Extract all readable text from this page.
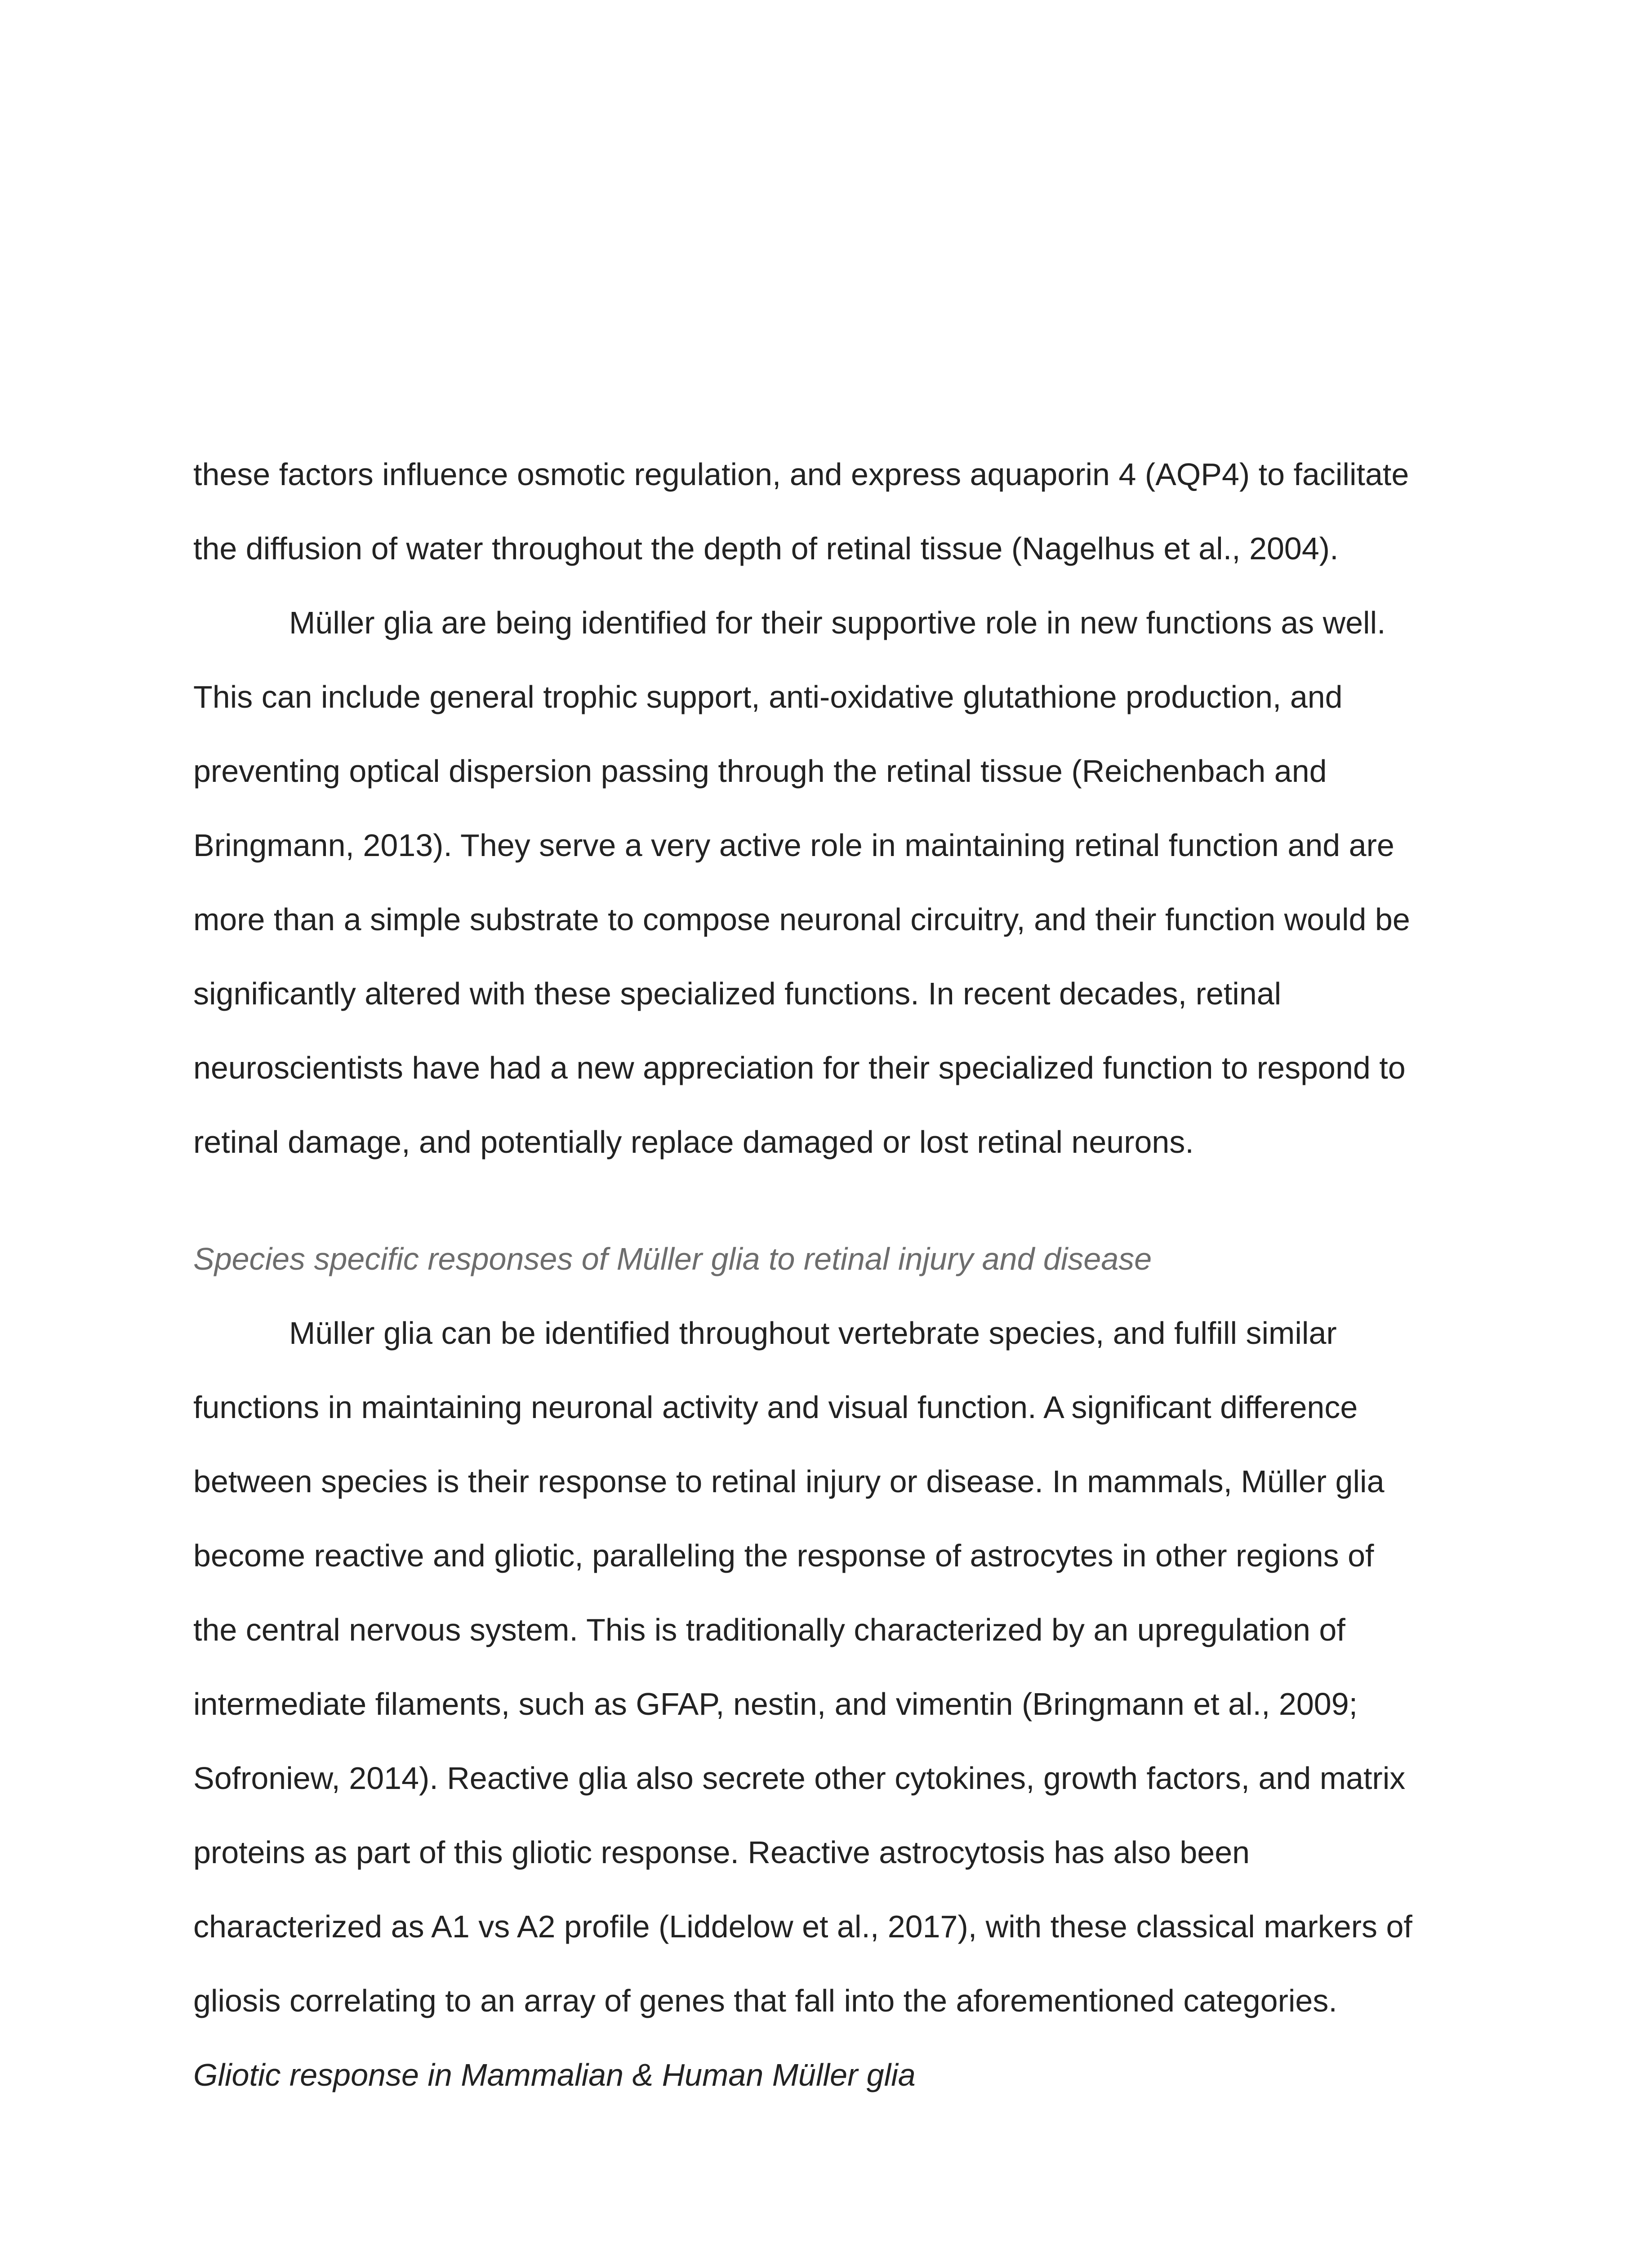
these factors influence osmotic regulation, and express aquaporin 4 (AQP4) to facilitate
the diffusion of water throughout the depth of retinal tissue (Nagelhus et al., 2004).
Müller glia are being identified for their supportive role in new functions as well.
This can include general trophic support, anti-oxidative glutathione production, and
preventing optical dispersion passing through the retinal tissue (Reichenbach and
Bringmann, 2013). They serve a very active role in maintaining retinal function and are
more than a simple substrate to compose neuronal circuitry, and their function would be
significantly altered with these specialized functions. In recent decades, retinal
neuroscientists have had a new appreciation for their specialized function to respond to
retinal damage, and potentially replace damaged or lost retinal neurons.
Species specific responses of Müller glia to retinal injury and disease
Müller glia can be identified throughout vertebrate species, and fulfill similar
functions in maintaining neuronal activity and visual function. A significant difference
between species is their response to retinal injury or disease. In mammals, Müller glia
become reactive and gliotic, paralleling the response of astrocytes in other regions of
the central nervous system. This is traditionally characterized by an upregulation of
intermediate filaments, such as GFAP, nestin, and vimentin (Bringmann et al., 2009;
Sofroniew, 2014). Reactive glia also secrete other cytokines, growth factors, and matrix
proteins as part of this gliotic response. Reactive astrocytosis has also been
characterized as A1 vs A2 profile (Liddelow et al., 2017), with these classical markers of
gliosis correlating to an array of genes that fall into the aforementioned categories.
Gliotic response in Mammalian & Human Müller glia
